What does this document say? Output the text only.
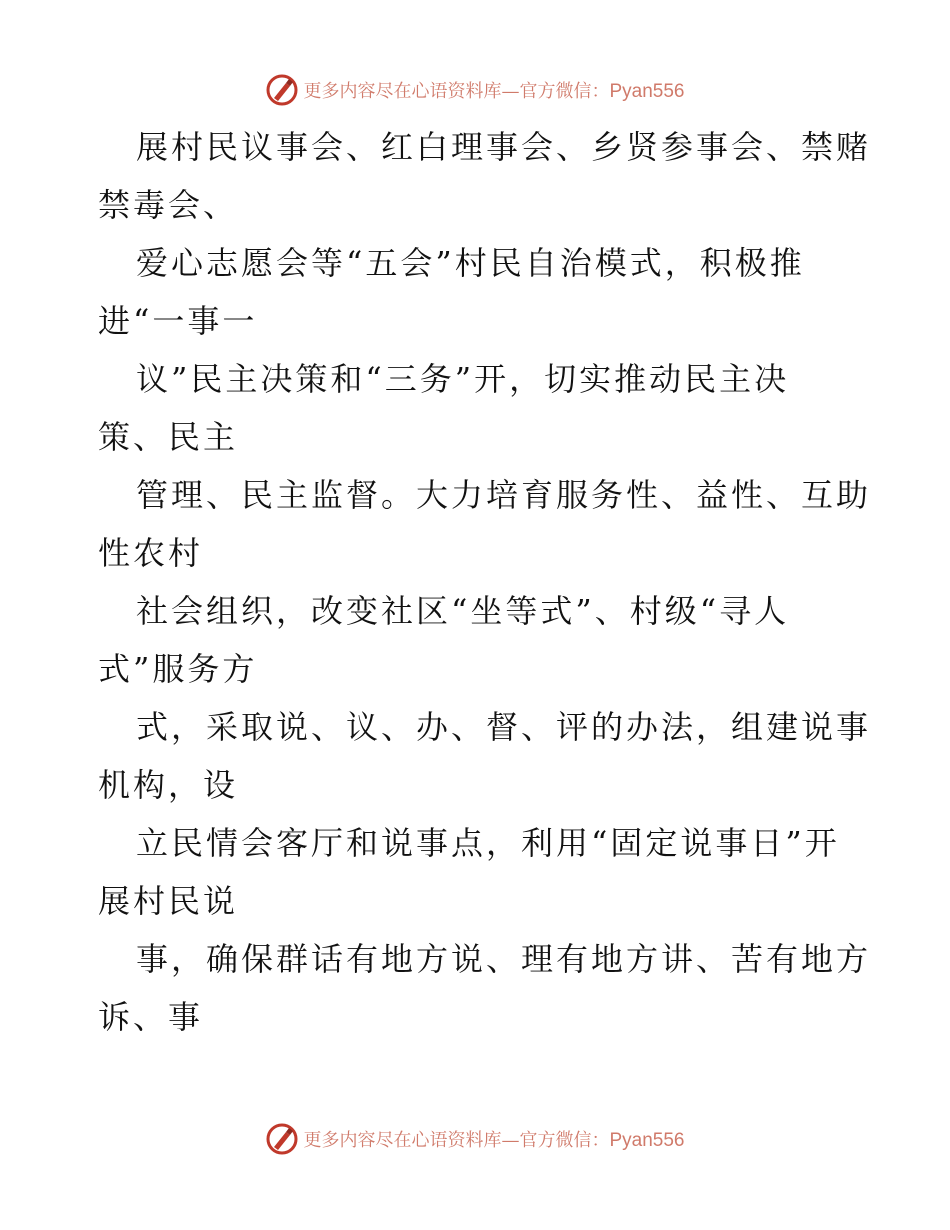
更多内容尽在心语资料库—官方微信：Pyan556
展村民议事会、红白理事会、乡贤参事会、禁赌
禁毒会、
爱心志愿会等“五会”村民自治模式，积极推
进“一事一
议”民主决策和“三务”开，切实推动民主决
策、民主
管理、民主监督。大力培育服务性、益性、互助
性农村
社会组织，改变社区“坐等式”、村级“寻人
式”服务方
式，采取说、议、办、督、评的办法，组建说事
机构，设
立民情会客厅和说事点，利用“固定说事日”开
展村民说
事，确保群话有地方说、理有地方讲、苦有地方
诉、事
更多内容尽在心语资料库—官方微信：Pyan556
